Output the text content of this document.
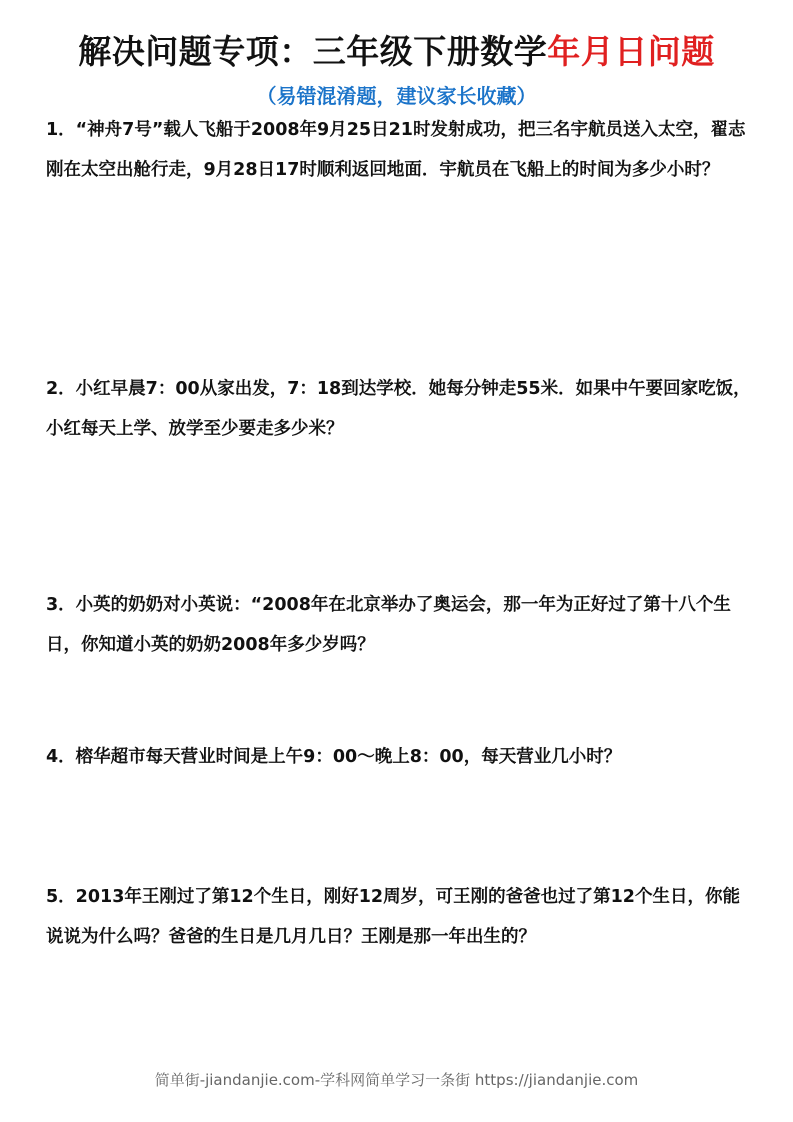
解决问题专项：三年级下册数学年月日问题
（易错混淆题，建议家长收藏）

1．“神舟7号”载人飞船于2008年9月25日21时发射成功，把三名宇航员送入太空，翟志刚在太空出舱行走，9月28日17时顺利返回地面．宇航员在飞船上的时间为多少小时？

2．小红早晨7：00从家出发，7：18到达学校．她每分钟走55米．如果中午要回家吃饭，小红每天上学、放学至少要走多少米？

3．小英的奶奶对小英说：“2008年在北京举办了奥运会，那一年为正好过了第十八个生日，你知道小英的奶奶2008年多少岁吗？

4．榕华超市每天营业时间是上午9：00～晚上8：00，每天营业几小时？

5．2013年王刚过了第12个生日，刚好12周岁，可王刚的爸爸也过了第12个生日，你能说说为什么吗？爸爸的生日是几月几日？王刚是那一年出生的？

简单街-jiandanjie.com-学科网简单学习一条街 https://jiandanjie.com
